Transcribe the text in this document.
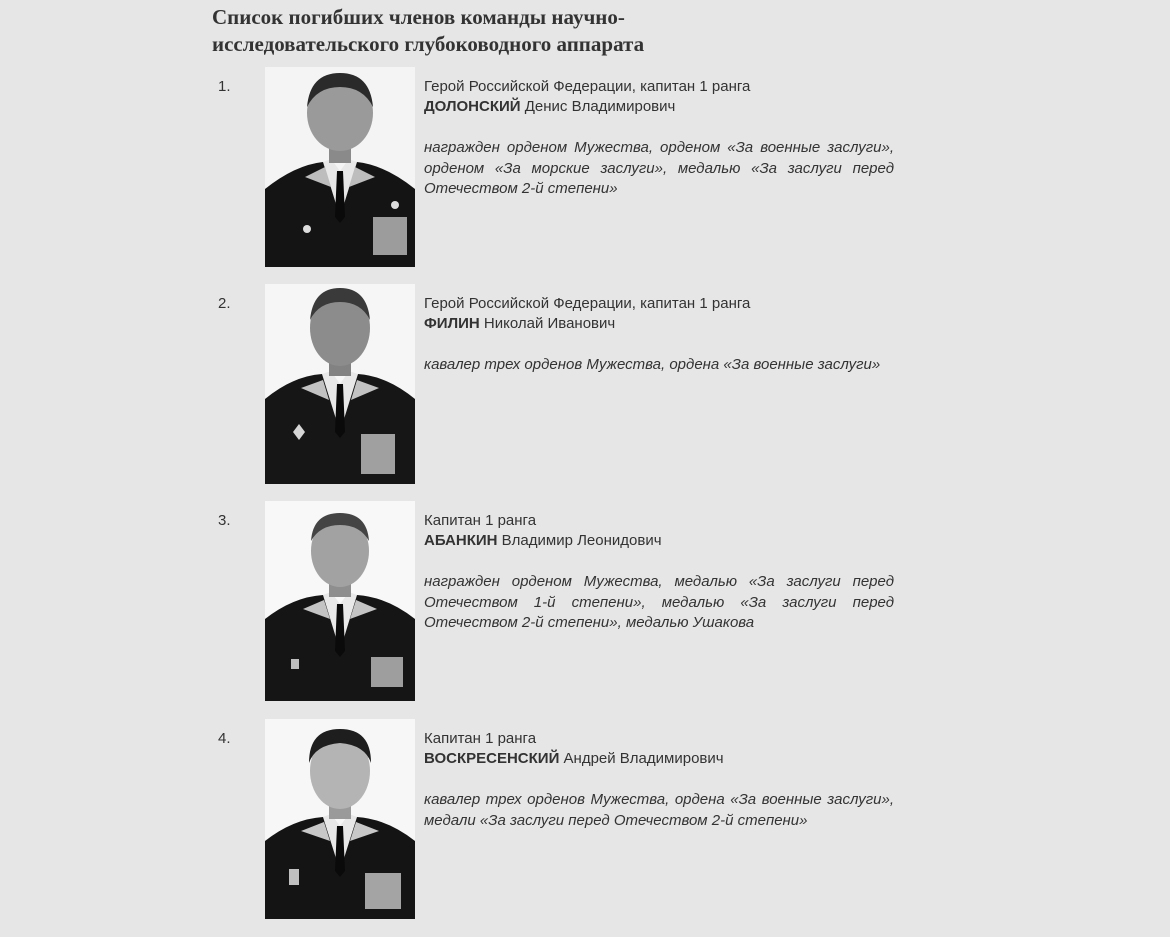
Список погибших членов команды научно-исследовательского глубоководного аппарата
1.	Герой Российской Федерации, капитан 1 ранга

ДОЛОНСКИЙ Денис Владимирович

награжден орденом Мужества, орденом «За военные заслуги», орденом «За морские заслуги», медалью «За заслуги перед Отечеством 2-й степени»

2.	Герой Российской Федерации, капитан 1 ранга

ФИЛИН Николай Иванович

кавалер трех орденов Мужества, ордена «За военные заслуги»

3.	Капитан 1 ранга

АБАНКИН Владимир Леонидович

награжден орденом Мужества, медалью «За заслуги перед Отечеством 1-й степени», медалью «За заслуги перед Отечеством 2-й степени», медалью Ушакова

4.	Капитан 1 ранга

ВОСКРЕСЕНСКИЙ Андрей Владимирович

кавалер трех орденов Мужества, ордена «За военные заслуги», медали «За заслуги перед Отечеством 2-й степени»
